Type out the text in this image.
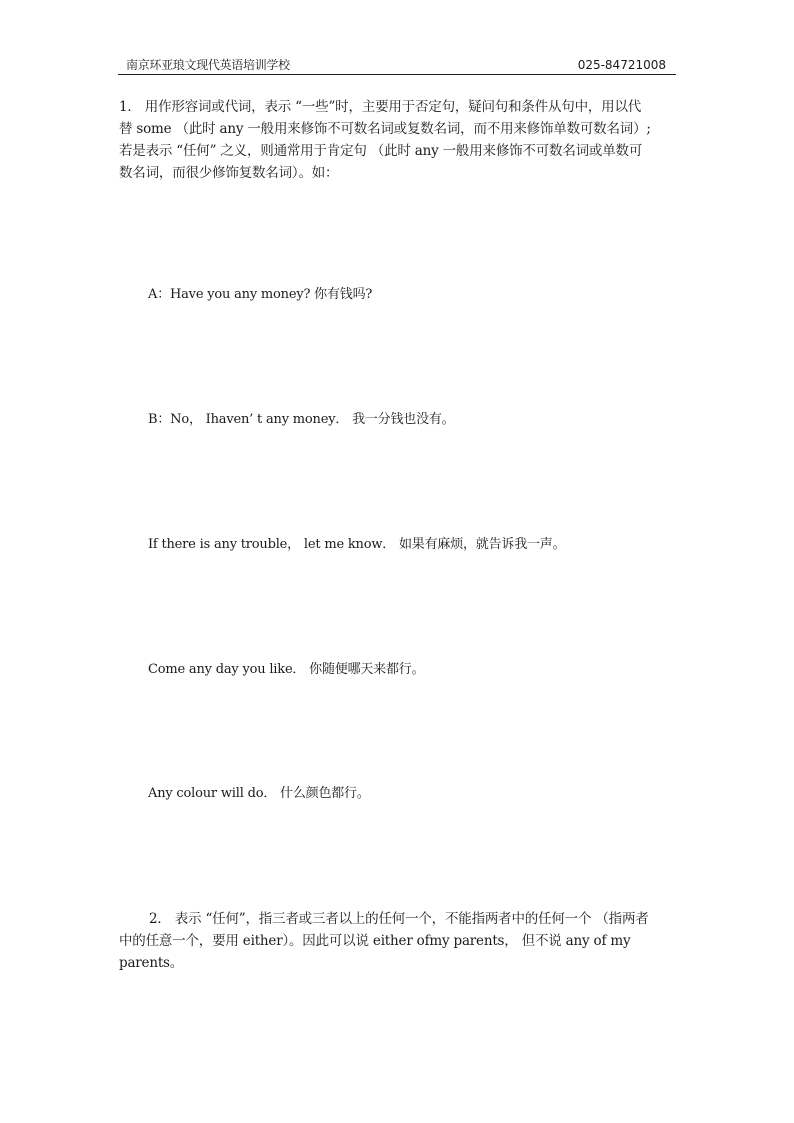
南京环亚琅文现代英语培训学校	025-84721008
1． 用作形容词或代词，表示 “一些”时，主要用于否定句，疑问句和条件从句中，用以代
替 some （此时 any 一般用来修饰不可数名词或复数名词，而不用来修饰单数可数名词）;
若是表示 “任何” 之义，则通常用于肯定句 （此时 any 一般用来修饰不可数名词或单数可
数名词，而很少修饰复数名词）。如：

A：Have you any money? 你有钱吗?

B：No， Ihaven’ t any money． 我一分钱也没有。

If there is any trouble， let me know． 如果有麻烦，就告诉我一声。

Come any day you like． 你随便哪天来都行。

Any colour will do． 什么颜色都行。

2． 表示 “任何”，指三者或三者以上的任何一个，不能指两者中的任何一个 （指两者
中的任意一个，要用 either）。因此可以说 either ofmy parents， 但不说 any of my parents。
